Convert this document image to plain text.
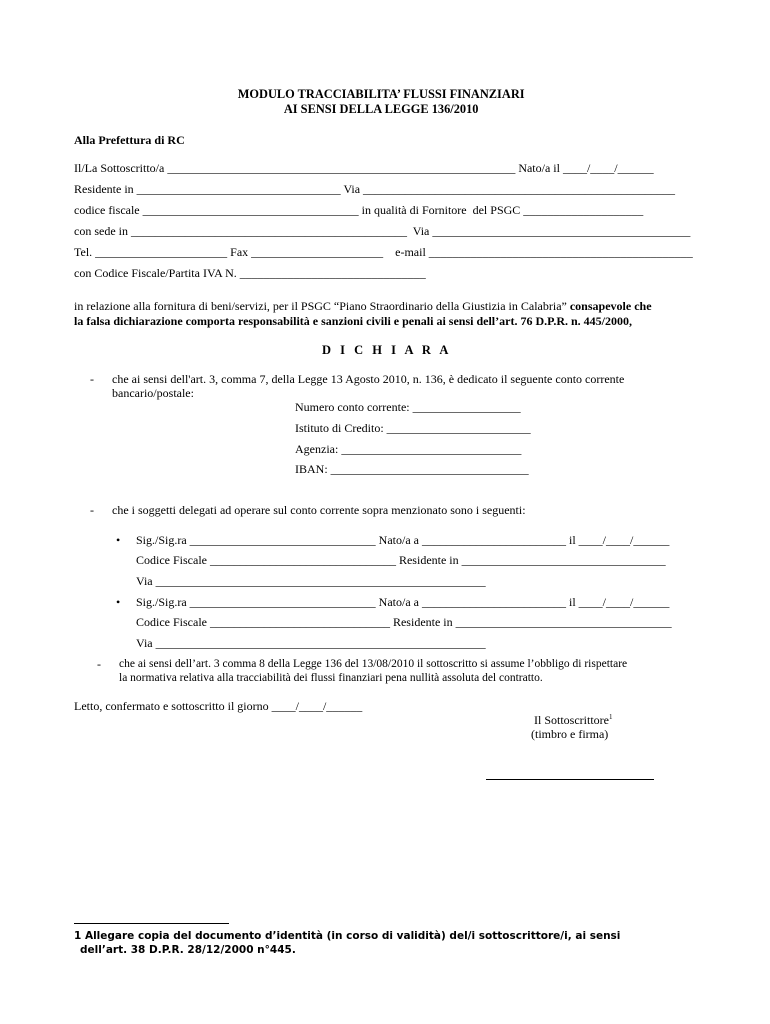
MODULO TRACCIABILITA’ FLUSSI FINANZIARI
AI SENSI DELLA LEGGE 136/2010
Alla Prefettura di RC
Il/La Sottoscritto/a __________________________________________________________ Nato/a il ____/____/______
Residente in __________________________________ Via ____________________________________________________
codice fiscale ____________________________________ in qualità di Fornitore  del PSGC ____________________
con sede in ______________________________________________  Via ___________________________________________
Tel. ______________________ Fax ______________________    e-mail ____________________________________________
con Codice Fiscale/Partita IVA N. _______________________________
in relazione alla fornitura di beni/servizi, per il PSGC “Piano Straordinario della Giustizia in Calabria” consapevole che
la falsa dichiarazione comporta responsabilità e sanzioni civili e penali ai sensi dell’art. 76 D.P.R. n. 445/2000,
D I C H I A R A
- che ai sensi dell'art. 3, comma 7, della Legge 13 Agosto 2010, n. 136, è dedicato il seguente conto corrente
bancario/postale:
Numero conto corrente: __________________
Istituto di Credito: ________________________
Agenzia: ______________________________
IBAN: _________________________________
- che i soggetti delegati ad operare sul conto corrente sopra menzionato sono i seguenti:
• Sig./Sig.ra _______________________________ Nato/a a ________________________ il ____/____/______
Codice Fiscale _______________________________ Residente in __________________________________
Via _______________________________________________________
• Sig./Sig.ra _______________________________ Nato/a a ________________________ il ____/____/______
Codice Fiscale ______________________________ Residente in ____________________________________
Via _______________________________________________________
- che ai sensi dell’art. 3 comma 8 della Legge 136 del 13/08/2010 il sottoscritto si assume l’obbligo di rispettare
la normativa relativa alla tracciabilità dei flussi finanziari pena nullità assoluta del contratto.
Letto, confermato e sottoscritto il giorno ____/____/______
Il Sottoscrittore$^1$
(timbro e firma)
1 Allegare copia del documento d’identità (in corso di validità) del/i sottoscrittore/i, ai sensi
dell’art. 38 D.P.R. 28/12/2000 n°445.
